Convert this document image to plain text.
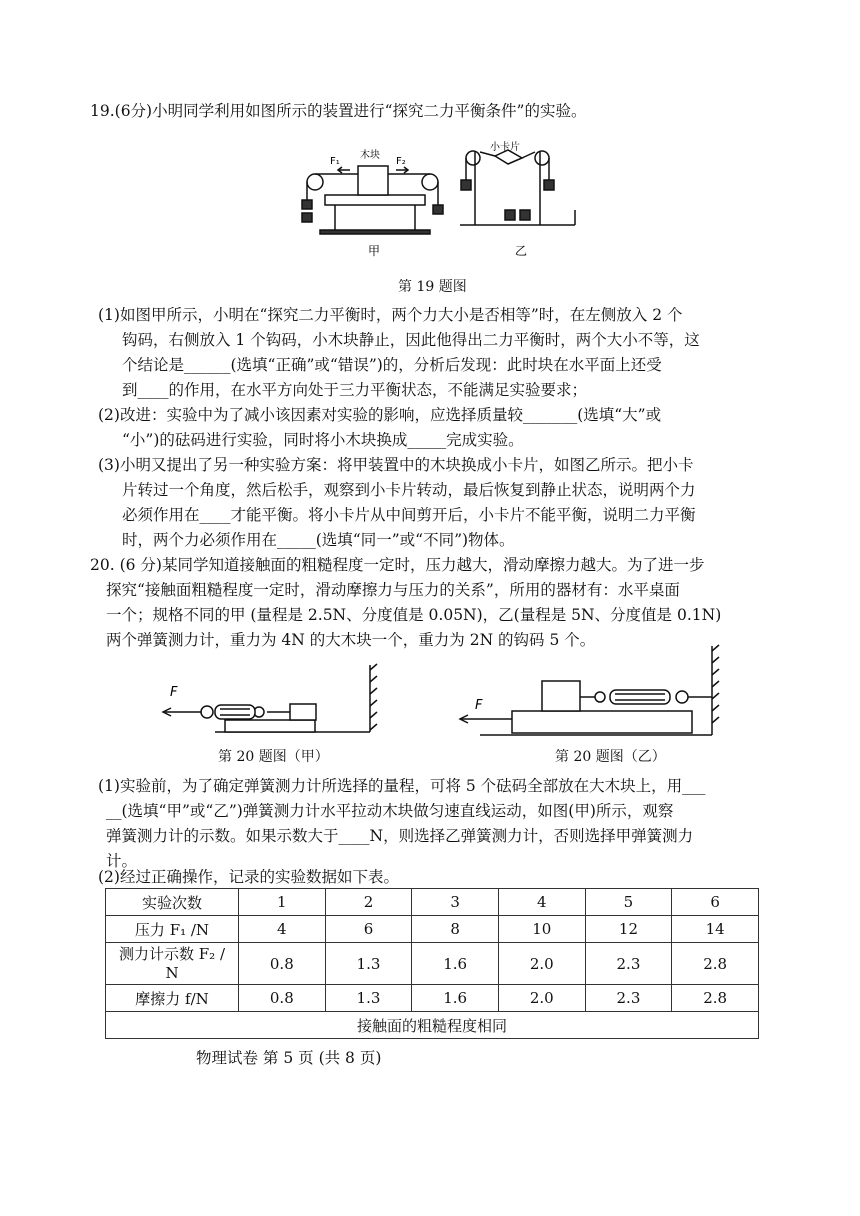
19.(6分)小明同学利用如图所示的装置进行“探究二力平衡条件”的实验。
F₁
木块
F₂
甲
小卡片
乙
第 19 题图
(1)如图甲所示，小明在“探究二力平衡时，两个力大小是否相等”时，在左侧放入 2 个
钩码，右侧放入 1 个钩码，小木块静止，因此他得出二力平衡时，两个大小不等，这
个结论是______(选填“正确”或“错误”)的，分析后发现：此时块在水平面上还受
到____的作用，在水平方向处于三力平衡状态，不能满足实验要求；
(2)改进：实验中为了减小该因素对实验的影响，应选择质量较_______(选填“大”或
“小”)的砝码进行实验，同时将小木块换成_____完成实验。
(3)小明又提出了另一种实验方案：将甲装置中的木块换成小卡片，如图乙所示。把小卡
片转过一个角度，然后松手，观察到小卡片转动，最后恢复到静止状态，说明两个力
必须作用在____才能平衡。将小卡片从中间剪开后，小卡片不能平衡，说明二力平衡
时，两个力必须作用在_____(选填“同一”或“不同”)物体。
20. (6 分)某同学知道接触面的粗糙程度一定时，压力越大，滑动摩擦力越大。为了进一步
探究“接触面粗糙程度一定时，滑动摩擦力与压力的关系”，所用的器材有：水平桌面
一个；规格不同的甲 (量程是 2.5N、分度值是 0.05N)，乙(量程是 5N、分度值是 0.1N)
两个弹簧测力计，重力为 4N 的大木块一个，重力为 2N 的钩码 5 个。
F
F
第 20 题图（甲）	第 20 题图（乙）
(1)实验前，为了确定弹簧测力计所选择的量程，可将 5 个砝码全部放在大木块上，用___
__(选填“甲”或“乙”)弹簧测力计水平拉动木块做匀速直线运动，如图(甲)所示，观察
弹簧测力计的示数。如果示数大于____N，则选择乙弹簧测力计，否则选择甲弹簧测力
计。
(2)经过正确操作，记录的实验数据如下表。
实验次数	1	2	3	4	5	6
压力 F₁ /N	4	6	8	10	12	14

测力计示数 F₂ /
N	0.8	1.3	1.6	2.0	2.3	2.8
摩擦力 f/N	0.8	1.3	1.6	2.0	2.3	2.8
接触面的粗糙程度相同						
物理试卷 第 5 页 (共 8 页)
